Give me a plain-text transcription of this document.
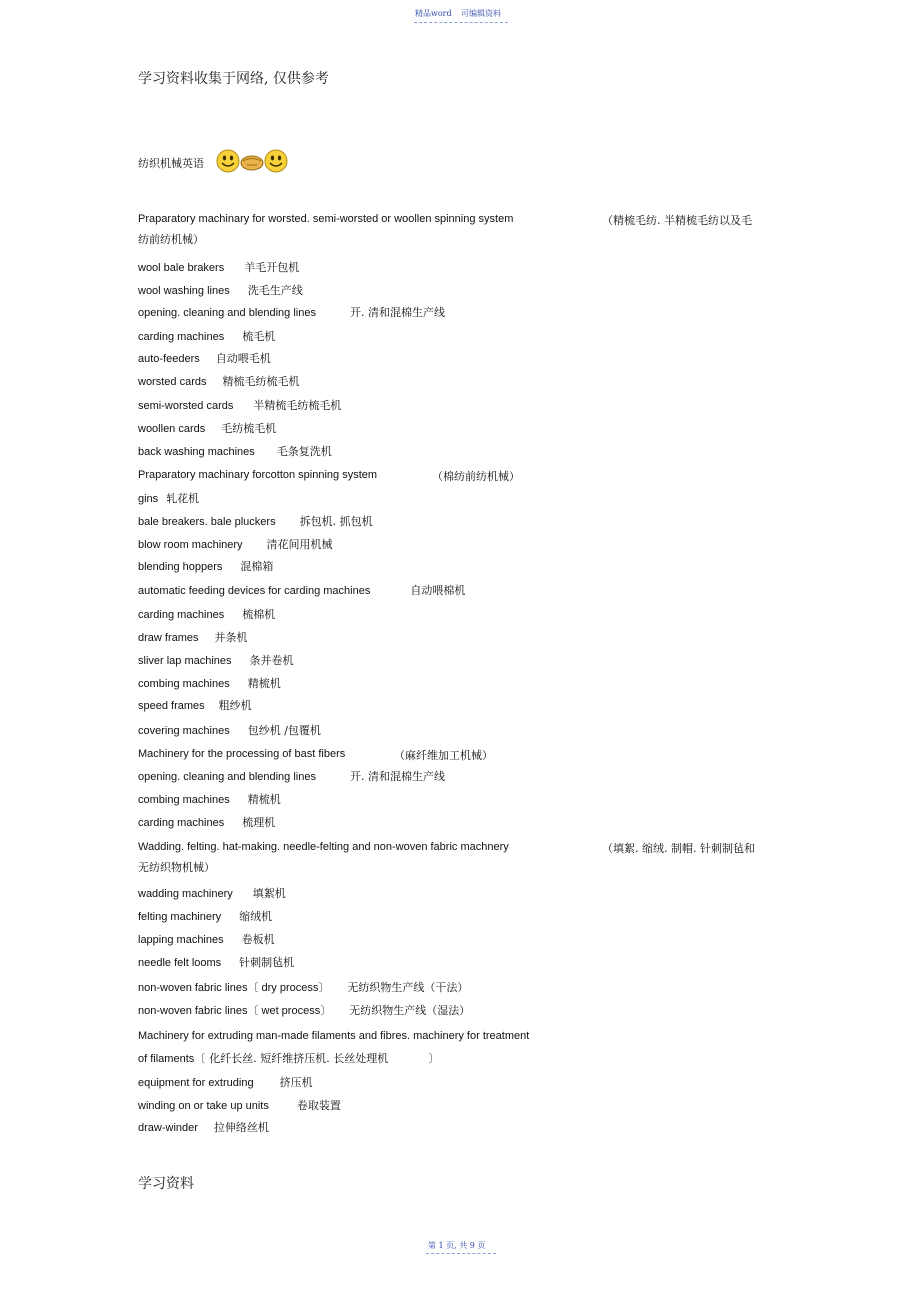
精品word 可编辑资料
学习资料收集于网络, 仅供参考
纺织机械英语
Praparatory machinary for worsted. semi-worsted or woollen spinning system	（精梳毛纺. 半精梳毛纺以及毛
纺前纺机械）
wool bale brakers 羊毛开包机
wool washing lines 洗毛生产线
opening. cleaning and blending lines	开. 清和混棉生产线
carding machines 梳毛机
auto-feeders 自动喂毛机
worsted cards 精梳毛纺梳毛机
semi-worsted cards 半精梳毛纺梳毛机
woollen cards 毛纺梳毛机
back washing machines 毛条复洗机
Praparatory machinary forcotton spinning system	（棉纺前纺机械）
gins 轧花机
bale breakers. bale pluckers 拆包机. 抓包机
blow room machinery 清花间用机械
blending hoppers 混棉箱
automatic feeding devices for carding machines	自动喂棉机
carding machines 梳棉机
draw frames 并条机
sliver lap machines 条并卷机
combing machines 精梳机
speed frames 粗纱机
covering machines 包纱机 /包覆机
Machinery for the processing of bast fibers	（麻纤维加工机械）
opening. cleaning and blending lines	开. 清和混棉生产线
combing machines 精梳机
carding machines 梳理机
Wadding. felting. hat-making. needle-felting and non-woven fabric machnery	（填絮. 缩绒. 制帽. 针刺制毡和
无纺织物机械）
wadding machinery 填絮机
felting machinery 缩绒机
lapping machines 卷板机
needle felt looms 针刺制毡机
non-woven fabric lines〔 dry process〕 无纺织物生产线（干法）
non-woven fabric lines〔 wet process〕 无纺织物生产线（湿法）
Machinery for extruding man-made filaments and fibres. machinery for treatment
of filaments〔 化纤长丝. 短纤维挤压机. 长丝处理机	〕
equipment for extruding 挤压机
winding on or take up units	卷取装置
draw-winder 拉伸络丝机
学习资料
第 1 页, 共 9 页
